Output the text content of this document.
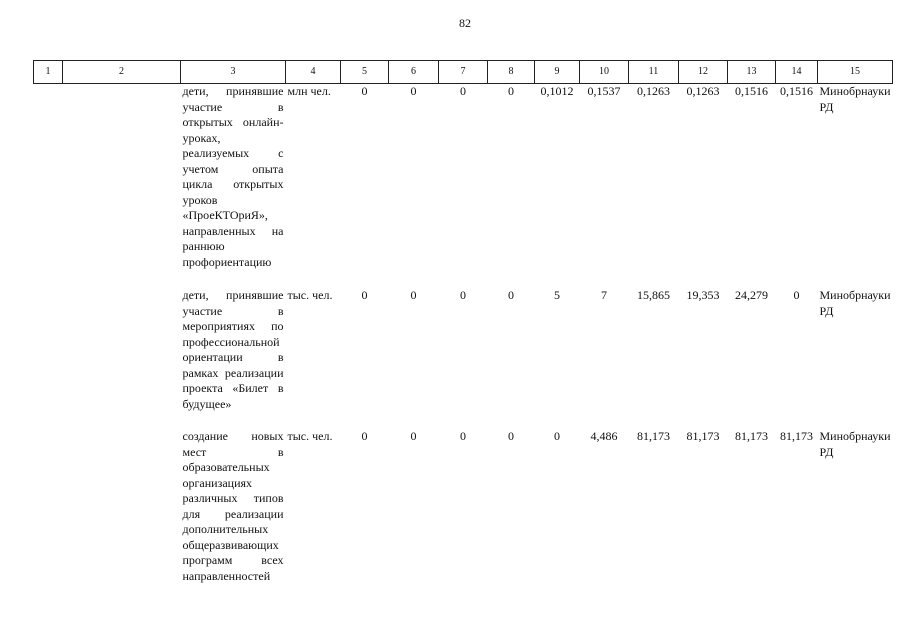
82
1	2	3	4	5	6	7	8	9	10	11	12	13	14	15
		дети, принявшие участие в открытых онлайн-уроках, реализуемых с учетом опыта цикла открытых уроков «ПроеКТОриЯ», направленных на раннюю профориентацию	млн чел.	0	0	0	0	0,1012	0,1537	0,1263	0,1263	0,1516	0,1516	Минобрнауки РД
		дети, принявшие участие в мероприятиях по профессиональной ориентации в рамках реализации проекта «Билет в будущее»	тыс. чел.	0	0	0	0	5	7	15,865	19,353	24,279	0	Минобрнауки РД
		создание новых мест в образовательных организациях различных типов для реализации дополнительных общеразвивающих программ всех направленностей	тыс. чел.	0	0	0	0	0	4,486	81,173	81,173	81,173	81,173	Минобрнауки РД
